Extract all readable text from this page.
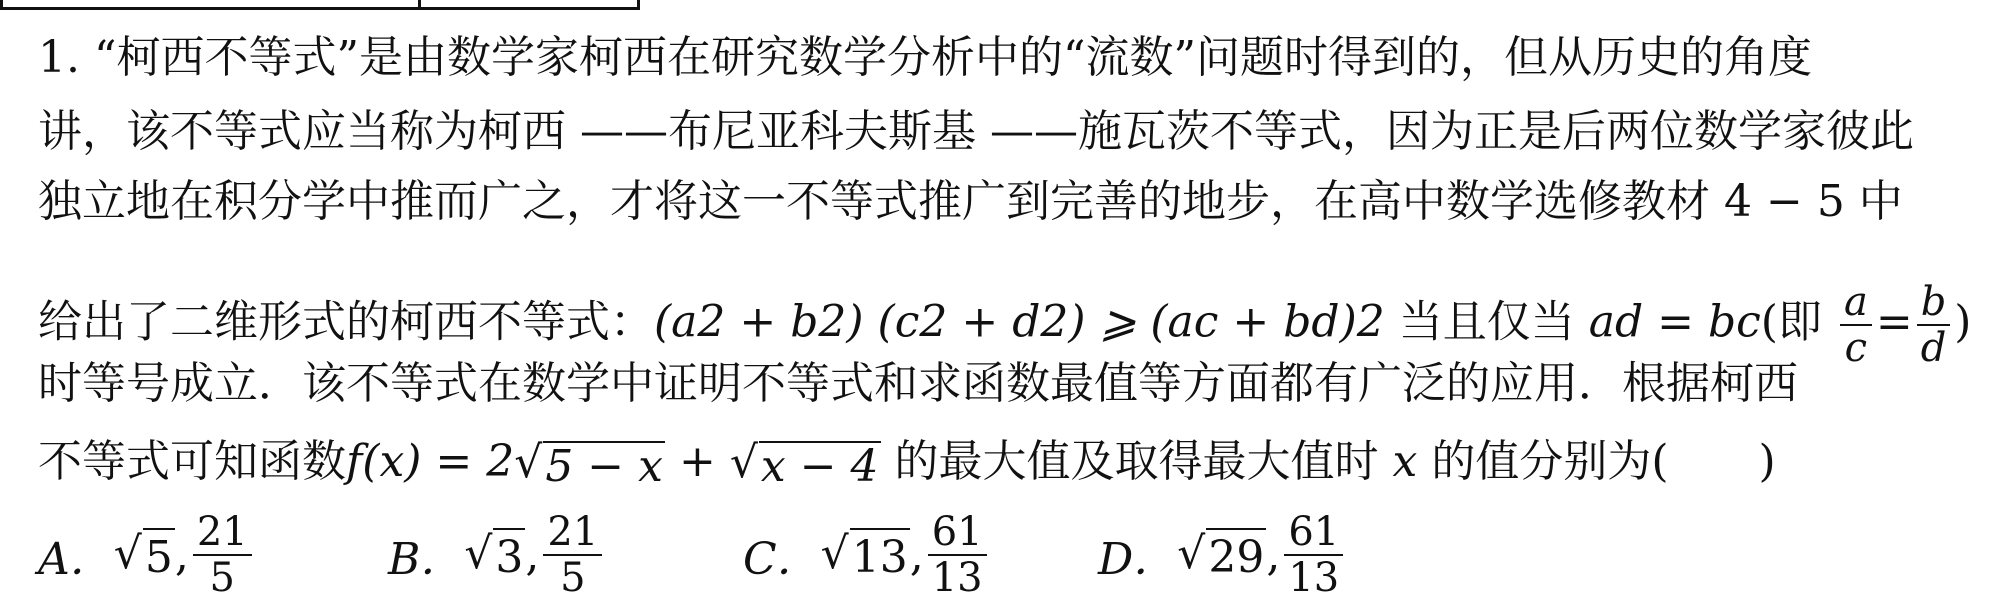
1. “柯西不等式”是由数学家柯西在研究数学分析中的“流数”问题时得到的，但从历史的角度
讲，该不等式应当称为柯西 ——布尼亚科夫斯基 ——施瓦茨不等式，因为正是后两位数学家彼此
独立地在积分学中推而广之，才将这一不等式推广到完善的地步，在高中数学选修教材 4 − 5 中
给出了二维形式的柯西不等式：(a2 + b2) (c2 + d2) ⩾ (ac + bd)2 当且仅当 ad = bc(即 $\frac{a}{c} = \frac{b}{d}$ )
时等号成立．该不等式在数学中证明不等式和求函数最值等方面都有广泛的应用．根据柯西
不等式可知函数f(x) = 2 √ 5 − x + √ x − 4 的最大值及取得最大值时 x 的值分别为( )
A． √ 5 , $\frac{21}{5}$	B． √ 3 , $\frac{21}{5}$	C． √ 13 , $\frac{61}{13}$	D． √ 29 , $\frac{61}{13}$
